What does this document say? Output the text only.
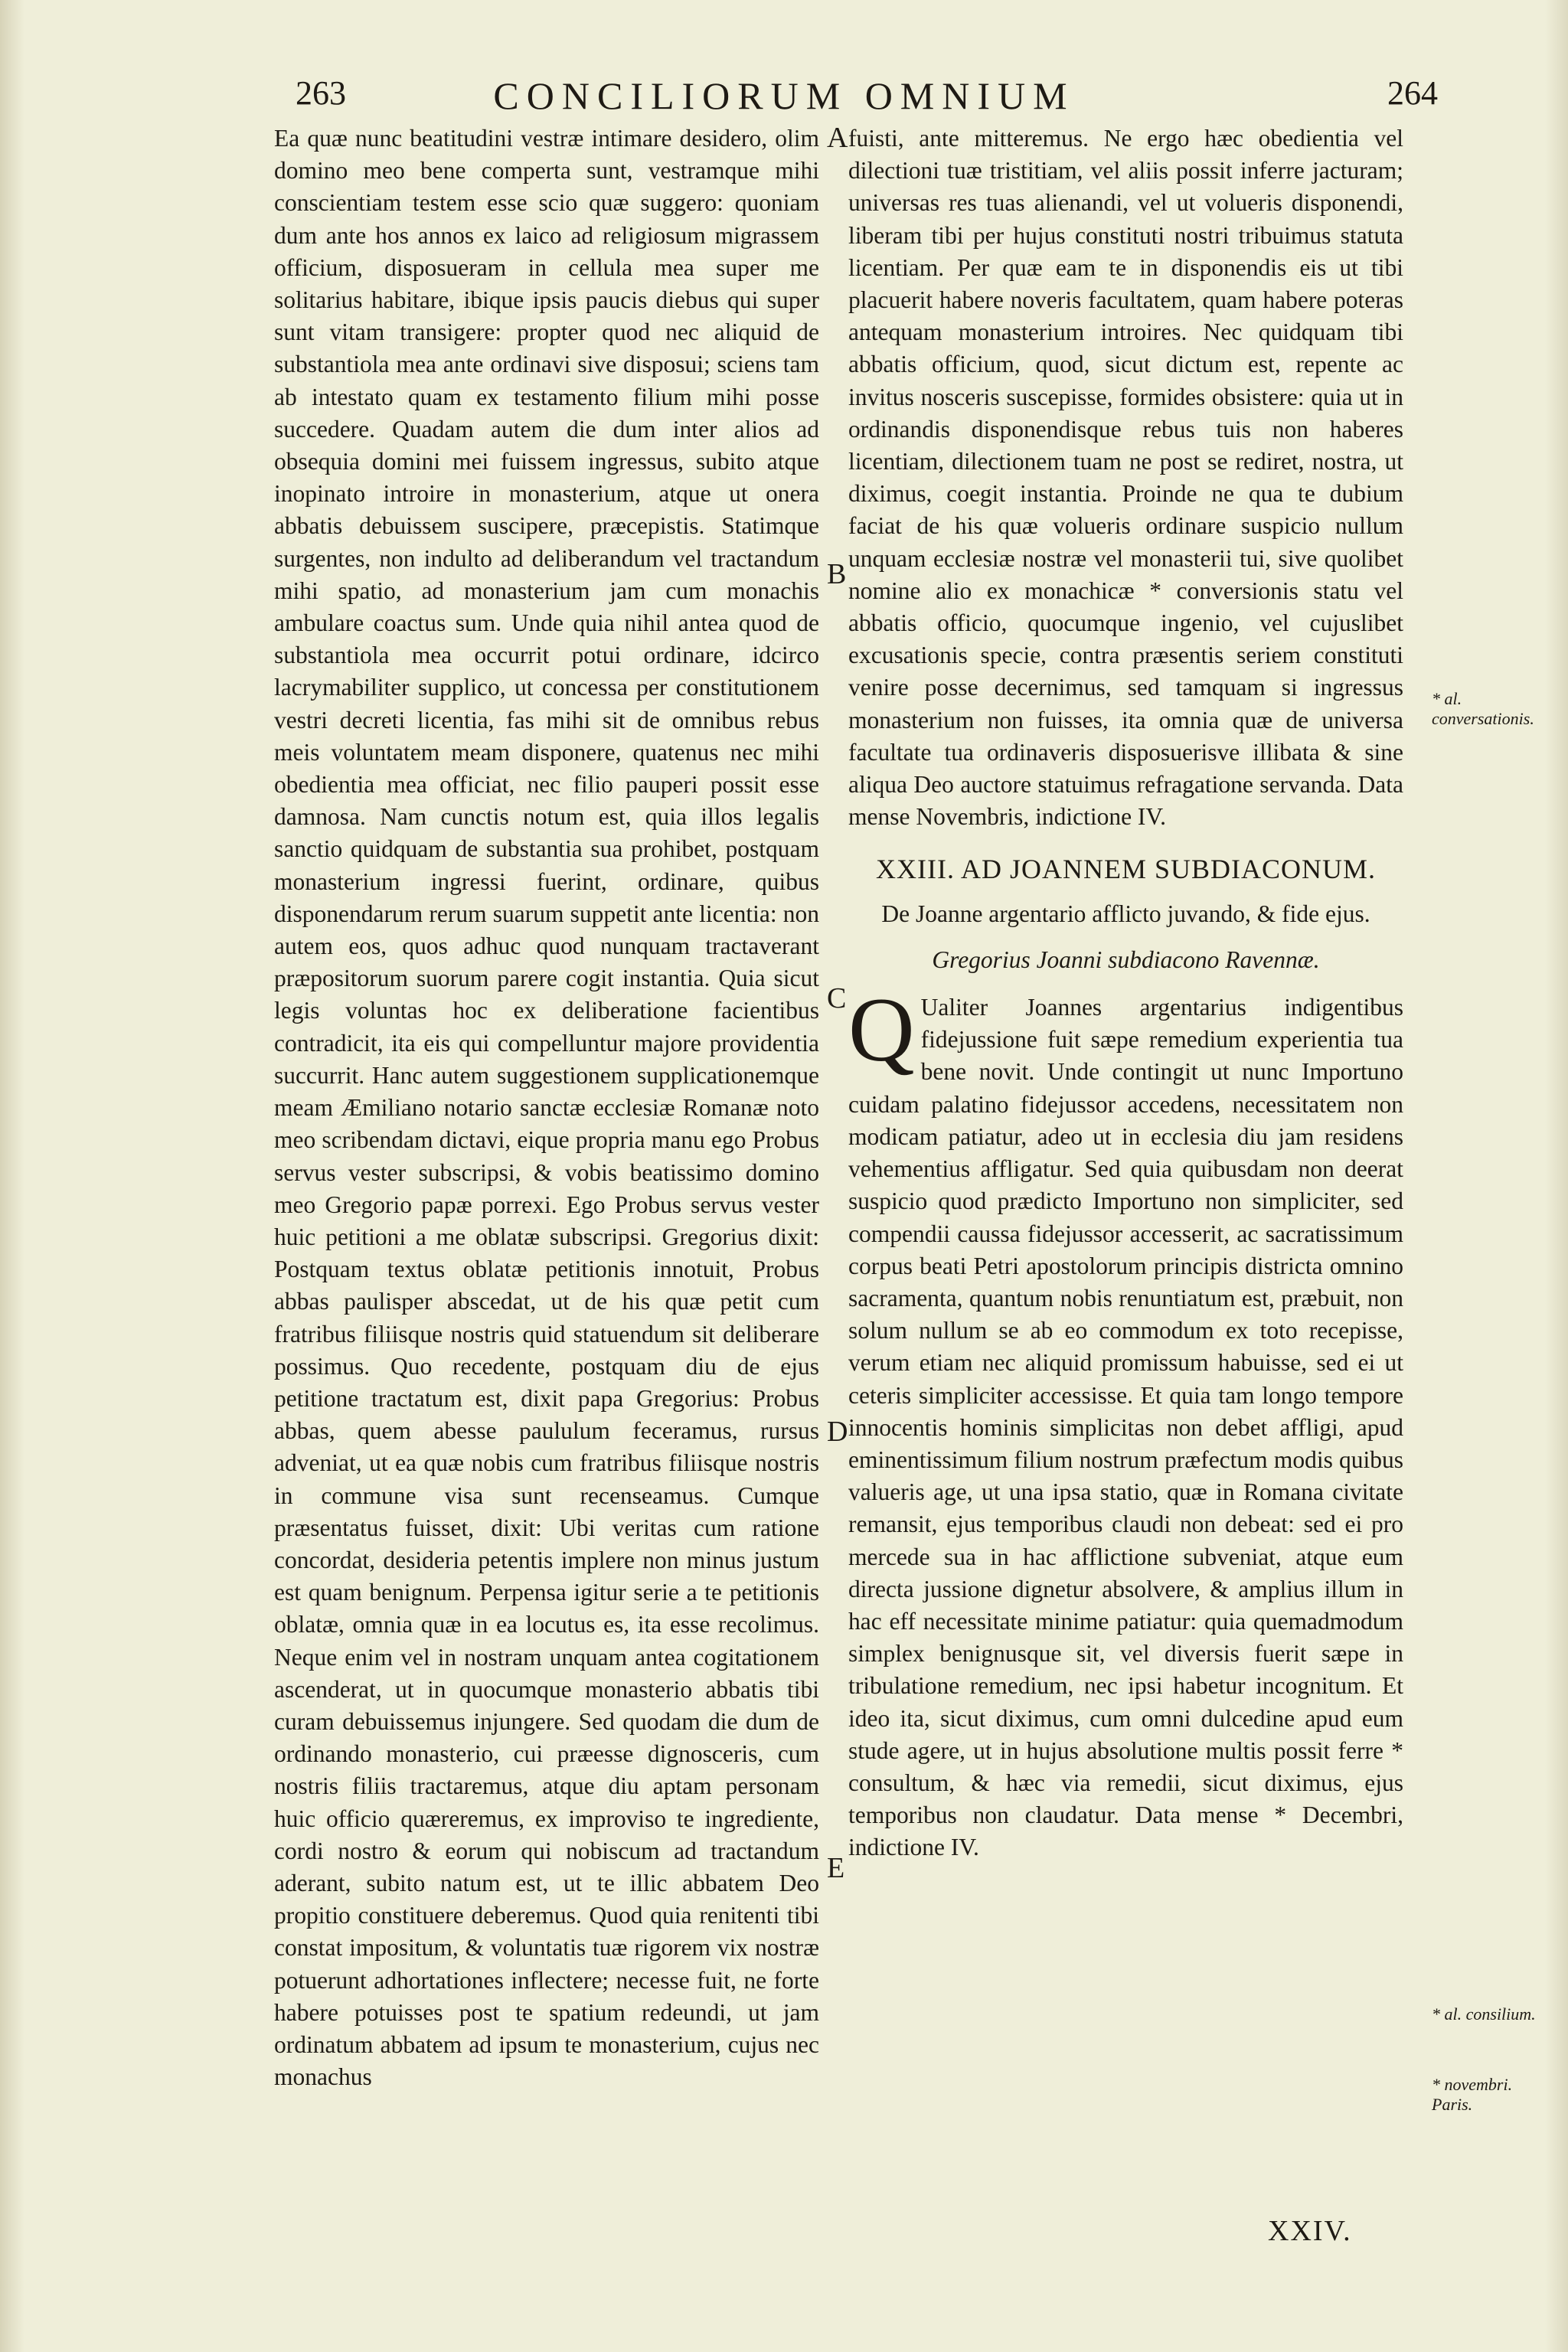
263	CONCILIORUM OMNIUM	264

Ea quæ nunc beatitudini vestræ intimare desidero, olim domino meo bene comperta sunt, vestramque mihi conscientiam testem esse scio quæ suggero: quoniam dum ante hos annos ex laico ad religiosum migrassem officium, disposueram in cellula mea super me solitarius habitare, ibique ipsis paucis diebus qui super sunt vitam transigere: propter quod nec aliquid de substantiola mea ante ordinavi sive disposui; sciens tam ab intestato quam ex testamento filium mihi posse succedere. Quadam autem die dum inter alios ad obsequia domini mei fuissem ingressus, subito atque inopinato introire in monasterium, atque ut onera abbatis debuissem suscipere, præcepistis. Statimque surgentes, non indulto ad deliberandum vel tractandum mihi spatio, ad monasterium jam cum monachis ambulare coactus sum. Unde quia nihil antea quod de substantiola mea occurrit potui ordinare, idcirco lacrymabiliter supplico, ut concessa per constitutionem vestri decreti licentia, fas mihi sit de omnibus rebus meis voluntatem meam disponere, quatenus nec mihi obedientia mea officiat, nec filio pauperi possit esse damnosa. Nam cunctis notum est, quia illos legalis sanctio quidquam de substantia sua prohibet, postquam monasterium ingressi fuerint, ordinare, quibus disponendarum rerum suarum suppetit ante licentia: non autem eos, quos adhuc quod nunquam tractaverant præpositorum suorum parere cogit instantia. Quia sicut legis voluntas hoc ex deliberatione facientibus contradicit, ita eis qui compelluntur majore providentia succurrit. Hanc autem suggestionem supplicationemque meam Æmiliano notario sanctæ ecclesiæ Romanæ noto meo scribendam dictavi, eique propria manu ego Probus servus vester subscripsi, & vobis beatissimo domino meo Gregorio papæ porrexi. Ego Probus servus vester huic petitioni a me oblatæ subscripsi. Gregorius dixit: Postquam textus oblatæ petitionis innotuit, Probus abbas paulisper abscedat, ut de his quæ petit cum fratribus filiisque nostris quid statuendum sit deliberare possimus. Quo recedente, postquam diu de ejus petitione tractatum est, dixit papa Gregorius: Probus abbas, quem abesse paululum feceramus, rursus adveniat, ut ea quæ nobis cum fratribus filiisque nostris in commune visa sunt recenseamus. Cumque præsentatus fuisset, dixit: Ubi veritas cum ratione concordat, desideria petentis implere non minus justum est quam benignum. Perpensa igitur serie a te petitionis oblatæ, omnia quæ in ea locutus es, ita esse recolimus. Neque enim vel in nostram unquam antea cogitationem ascenderat, ut in quocumque monasterio abbatis tibi curam debuissemus injungere. Sed quodam die dum de ordinando monasterio, cui præesse dignosceris, cum nostris filiis tractaremus, atque diu aptam personam huic officio quæreremus, ex improviso te ingrediente, cordi nostro & eorum qui nobiscum ad tractandum aderant, subito natum est, ut te illic abbatem Deo propitio constituere deberemus. Quod quia renitenti tibi constat impositum, & voluntatis tuæ rigorem vix nostræ potuerunt adhortationes inflectere; necesse fuit, ne forte habere potuisses post te spatium redeundi, ut jam ordinatum abbatem ad ipsum te monasterium, cujus nec monachus

fuisti, ante mitteremus. Ne ergo hæc obedientia vel dilectioni tuæ tristitiam, vel aliis possit inferre jacturam; universas res tuas alienandi, vel ut volueris disponendi, liberam tibi per hujus constituti nostri tribuimus statuta licentiam. Per quæ eam te in disponendis eis ut tibi placuerit habere noveris facultatem, quam habere poteras antequam monasterium introires. Nec quidquam tibi abbatis officium, quod, sicut dictum est, repente ac invitus nosceris suscepisse, formides obsistere: quia ut in ordinandis disponendisque rebus tuis non haberes licentiam, dilectionem tuam ne post se rediret, nostra, ut diximus, coegit instantia. Proinde ne qua te dubium faciat de his quæ volueris ordinare suspicio nullum unquam ecclesiæ nostræ vel monasterii tui, sive quolibet nomine alio ex monachicæ * conversionis statu vel abbatis officio, quocumque ingenio, vel cujuslibet excusationis specie, contra præsentis seriem constituti venire posse decernimus, sed tamquam si ingressus monasterium non fuisses, ita omnia quæ de universa facultate tua ordinaveris disposuerisve illibata & sine aliqua Deo auctore statuimus refragatione servanda. Data mense Novembris, indictione IV.

XXIII. AD JOANNEM SUBDIACONUM.

De Joanne argentario afflicto juvando, & fide ejus.

Gregorius Joanni subdiacono Ravennæ.

Q Ualiter Joannes argentarius indigentibus fidejussione fuit sæpe remedium experientia tua bene novit. Unde contingit ut nunc Importuno cuidam palatino fidejussor accedens, necessitatem non modicam patiatur, adeo ut in ecclesia diu jam residens vehementius affligatur. Sed quia quibusdam non deerat suspicio quod prædicto Importuno non simpliciter, sed compendii caussa fidejussor accesserit, ac sacratissimum corpus beati Petri apostolorum principis districta omnino sacramenta, quantum nobis renuntiatum est, præbuit, non solum nullum se ab eo commodum ex toto recepisse, verum etiam nec aliquid promissum habuisse, sed ei ut ceteris simpliciter accessisse. Et quia tam longo tempore innocentis hominis simplicitas non debet affligi, apud eminentissimum filium nostrum præfectum modis quibus valueris age, ut una ipsa statio, quæ in Romana civitate remansit, ejus temporibus claudi non debeat: sed ei pro mercede sua in hac afflictione subveniat, atque eum directa jussione dignetur absolvere, & amplius illum in hac eff necessitate minime patiatur: quia quemadmodum simplex benignusque sit, vel diversis fuerit sæpe in tribulatione remedium, nec ipsi habetur incognitum. Et ideo ita, sicut diximus, cum omni dulcedine apud eum stude agere, ut in hujus absolutione multis possit ferre * consultum, & hæc via remedii, sicut diximus, ejus temporibus non claudatur. Data mense * Decembri, indictione IV.

A
B
C
D
E
* al. conversationis.
* al. consilium.
* novembri. Paris.
XXIV.
